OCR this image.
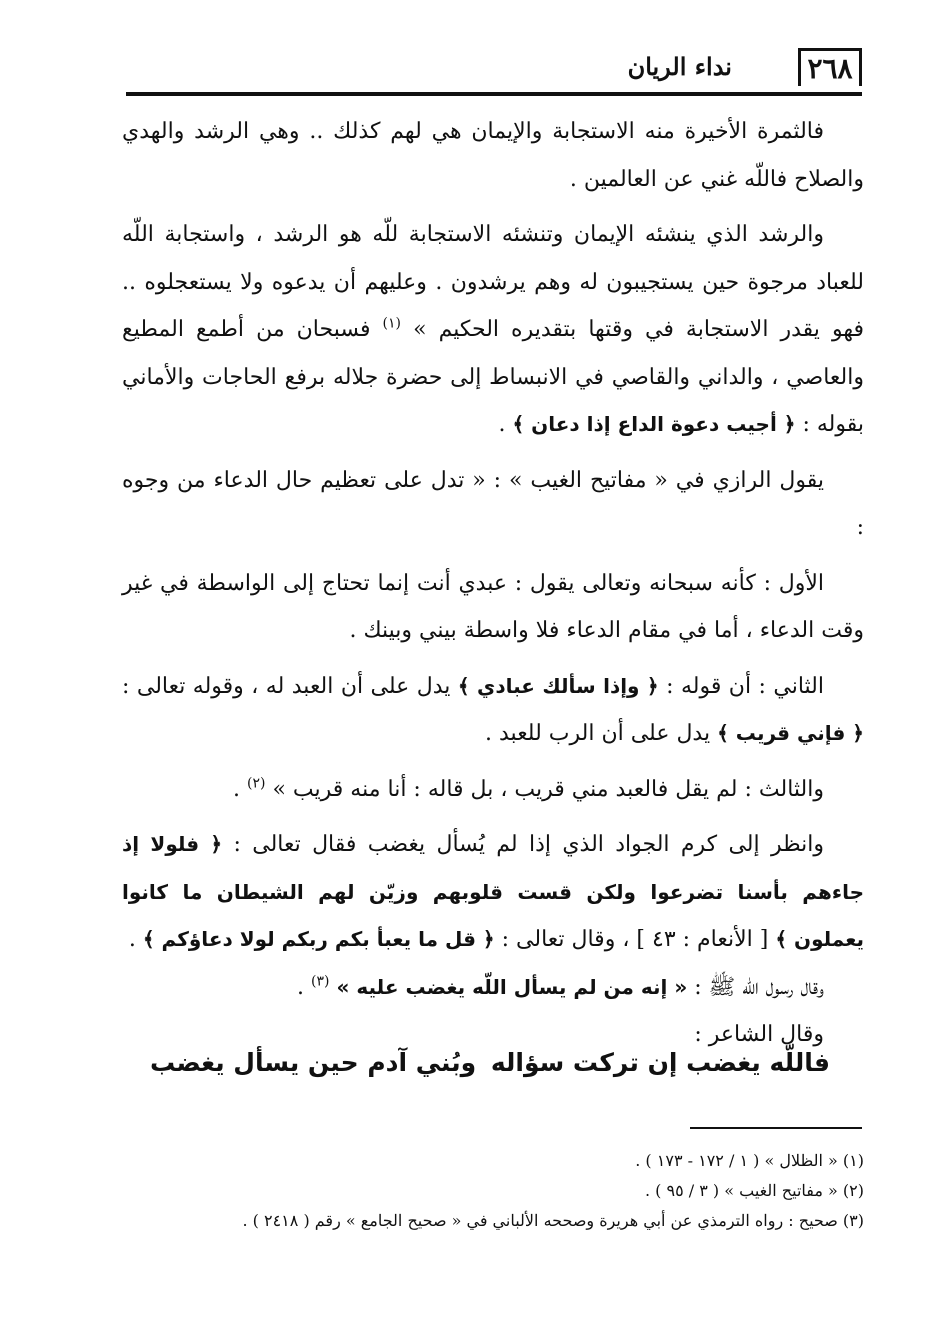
٢٦٨
نداء الريان

فالثمرة الأخيرة منه الاستجابة والإيمان هي لهم كذلك .. وهي الرشد والهدي والصلاح فاللّه غني عن العالمين .

والرشد الذي ينشئه الإيمان وتنشئه الاستجابة للّه هو الرشد ، واستجابة اللّه للعباد مرجوة حين يستجيبون له وهم يرشدون . وعليهم أن يدعوه ولا يستعجلوه .. فهو يقدر الاستجابة في وقتها بتقديره الحكيم » $^{(١)}$ فسبحان من أطمع المطيع والعاصي ، والداني والقاصي في الانبساط إلى حضرة جلاله برفع الحاجات والأماني بقوله : ﴿ أجيب دعوة الداع إذا دعان ﴾ .

يقول الرازي في « مفاتيح الغيب » : « تدل على تعظيم حال الدعاء من وجوه :

الأول : كأنه سبحانه وتعالى يقول : عبدي أنت إنما تحتاج إلى الواسطة في غير وقت الدعاء ، أما في مقام الدعاء فلا واسطة بيني وبينك .

الثاني : أن قوله : ﴿ وإذا سألك عبادي ﴾ يدل على أن العبد له ، وقوله تعالى : ﴿ فإني قريب ﴾ يدل على أن الرب للعبد .

والثالث : لم يقل فالعبد مني قريب ، بل قاله : أنا منه قريب » $^{(٢)}$ .

وانظر إلى كرم الجواد الذي إذا لم يُسأل يغضب فقال تعالى : ﴿ فلولا إذ جاءهم بأسنا تضرعوا ولكن قست قلوبهم وزيّن لهم الشيطان ما كانوا يعملون ﴾ [ الأنعام : ٤٣ ] ، وقال تعالى : ﴿ قل ما يعبأ بكم ربكم لولا دعاؤكم ﴾ .

وقال رسول اللّه ﷺ : « إنه من لم يسأل اللّه يغضب عليه » $^{(٣)}$ .

وقال الشاعر :

فاللّه يغضب إن تركت سؤاله
وبُني آدم حين يسأل يغضب
(١) « الظلال » ( ١ / ١٧٢ - ١٧٣ ) .
(٢) « مفاتيح الغيب » ( ٣ / ٩٥ ) .
(٣) صحيح : رواه الترمذي عن أبي هريرة وصححه الألباني في « صحيح الجامع » رقم ( ٢٤١٨ ) .
